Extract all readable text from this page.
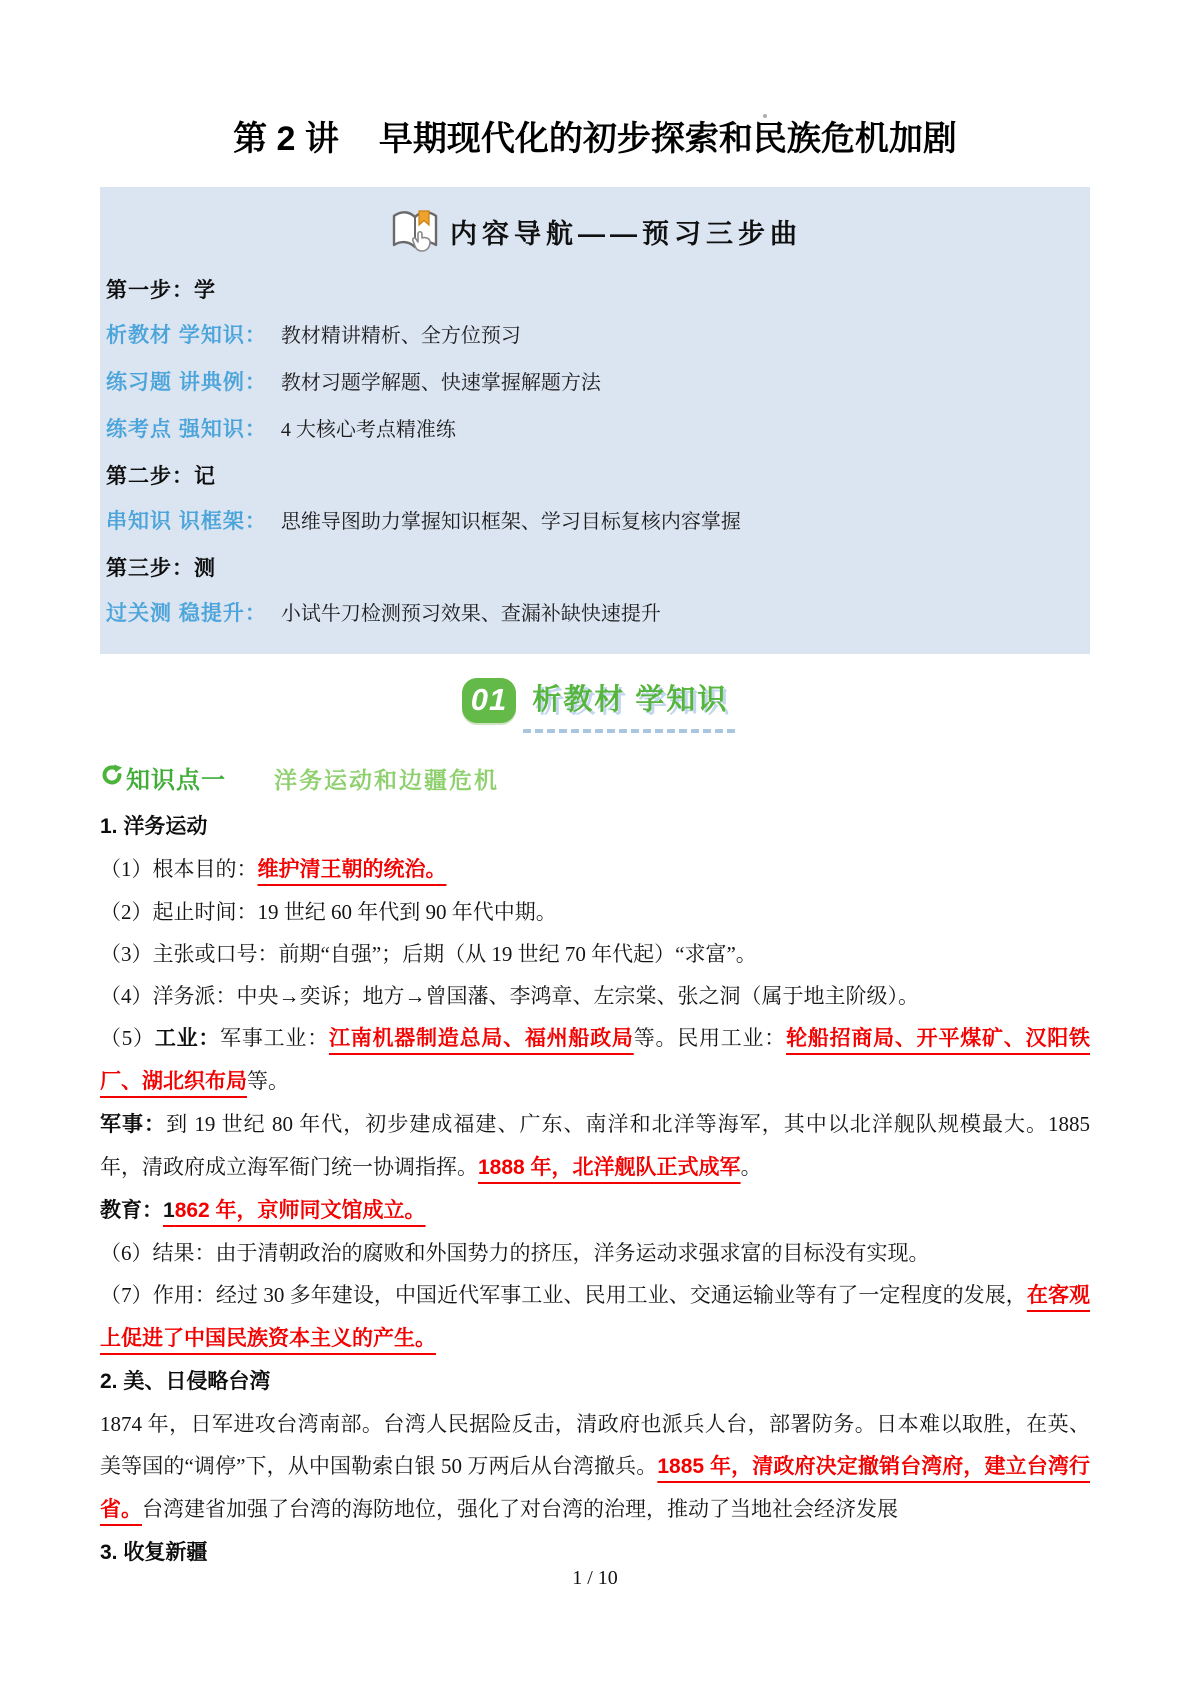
第 2 讲 早期现代化的初步探索和民族危机加剧
内容导航——预习三步曲
第一步：学
析教材 学知识： 教材精讲精析、全方位预习
练习题 讲典例： 教材习题学解题、快速掌握解题方法
练考点 强知识： 4 大核心考点精准练
第二步：记
串知识 识框架： 思维导图助力掌握知识框架、学习目标复核内容掌握
第三步：测
过关测 稳提升： 小试牛刀检测预习效果、查漏补缺快速提升
01 析教材 学知识
知识点一 洋务运动和边疆危机

1. 洋务运动

（1）根本目的：维护清王朝的统治。

（2）起止时间：19 世纪 60 年代到 90 年代中期。

（3）主张或口号：前期“自强”；后期（从 19 世纪 70 年代起）“求富”。

（4）洋务派：中央→奕诉；地方→曾国藩、李鸿章、左宗棠、张之洞（属于地主阶级）。

（5）工业：军事工业：江南机器制造总局、福州船政局等。民用工业：轮船招商局、开平煤矿、汉阳铁厂、湖北织布局等。

军事：到 19 世纪 80 年代，初步建成福建、广东、南洋和北洋等海军，其中以北洋舰队规模最大。1885 年，清政府成立海军衙门统一协调指挥。1888 年，北洋舰队正式成军。

教育：1862 年，京师同文馆成立。

（6）结果：由于清朝政治的腐败和外国势力的挤压，洋务运动求强求富的目标没有实现。

（7）作用：经过 30 多年建设，中国近代军事工业、民用工业、交通运输业等有了一定程度的发展，在客观上促进了中国民族资本主义的产生。

2. 美、日侵略台湾

1874 年，日军进攻台湾南部。台湾人民据险反击，清政府也派兵人台，部署防务。日本难以取胜，在英、美等国的“调停”下，从中国勒索白银 50 万两后从台湾撤兵。1885 年，清政府决定撤销台湾府，建立台湾行省。台湾建省加强了台湾的海防地位，强化了对台湾的治理，推动了当地社会经济发展

3. 收复新疆

1 / 10
